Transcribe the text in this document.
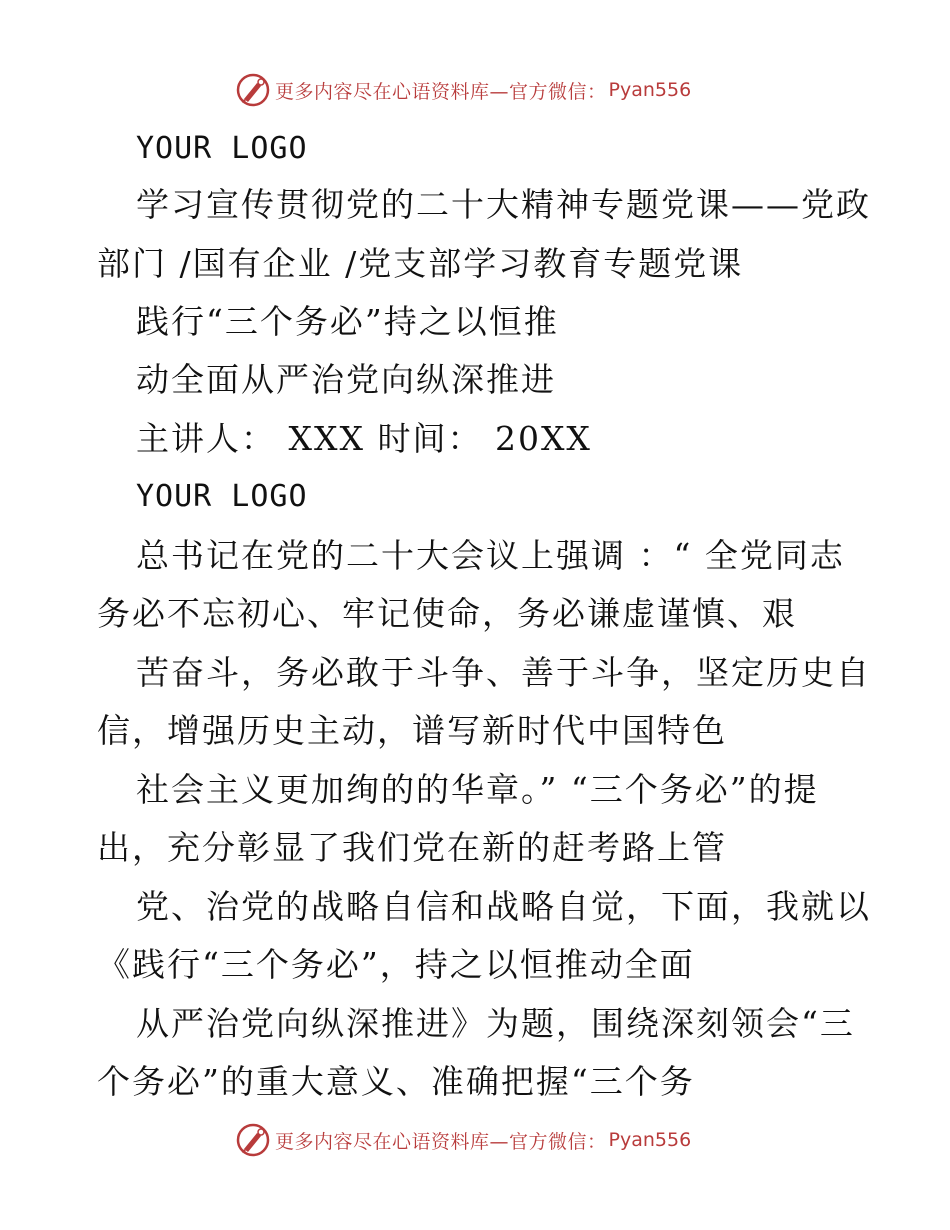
更多内容尽在心语资料库—官方微信： Pyan556
YOUR LOGO
学习宣传贯彻党的二十大精神专题党课——党政
部门 /国有企业 /党支部学习教育专题党课
践行“三个务必”持之以恒推
动全面从严治党向纵深推进
主讲人： XXX 时间： 20XX
YOUR LOGO
总书记在党的二十大会议上强调 ：“ 全党同志
务必不忘初心、牢记使命，务必谦虚谨慎、艰
苦奋斗，务必敢于斗争、善于斗争，坚定历史自
信，增强历史主动，谱写新时代中国特色
社会主义更加绚的的华章。” “三个务必”的提
出，充分彰显了我们党在新的赶考路上管
党、治党的战略自信和战略自觉，下面，我就以
《践行“三个务必”，持之以恒推动全面
从严治党向纵深推进》为题，围绕深刻领会“三
个务必”的重大意义、准确把握“三个务
更多内容尽在心语资料库—官方微信： Pyan556
